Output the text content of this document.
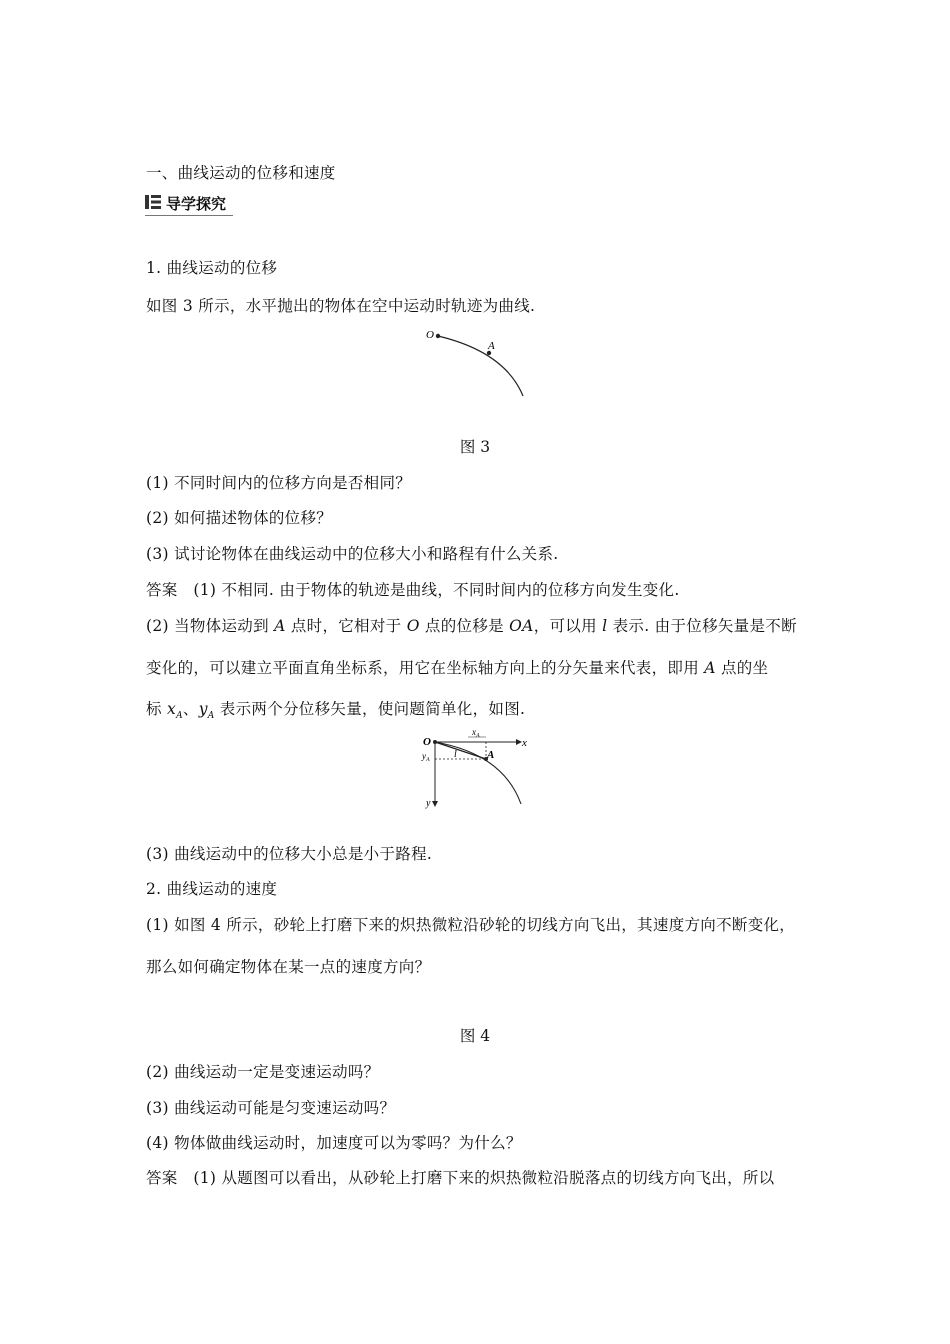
一、曲线运动的位移和速度
导学探究
1. 曲线运动的位移
如图 3 所示，水平抛出的物体在空中运动时轨迹为曲线.
O
A
图 3
(1) 不同时间内的位移方向是否相同？
(2) 如何描述物体的位移？
(3) 试讨论物体在曲线运动中的位移大小和路程有什么关系.
答案　(1) 不相同. 由于物体的轨迹是曲线，不同时间内的位移方向发生变化.
(2) 当物体运动到 A 点时，它相对于 O 点的位移是 OA，可以用 l 表示. 由于位移矢量是不断
变化的，可以建立平面直角坐标系，用它在坐标轴方向上的分矢量来代表，即用 A 点的坐
标 $x_A$、$y_A$ 表示两个分位移矢量，使问题简单化，如图.
O
$x_A$
x
$y_A$ l	A
y
(3) 曲线运动中的位移大小总是小于路程.
2. 曲线运动的速度
(1) 如图 4 所示，砂轮上打磨下来的炽热微粒沿砂轮的切线方向飞出，其速度方向不断变化，
那么如何确定物体在某一点的速度方向？
图 4
(2) 曲线运动一定是变速运动吗？
(3) 曲线运动可能是匀变速运动吗？
(4) 物体做曲线运动时，加速度可以为零吗？为什么？
答案　(1) 从题图可以看出，从砂轮上打磨下来的炽热微粒沿脱落点的切线方向飞出，所以
